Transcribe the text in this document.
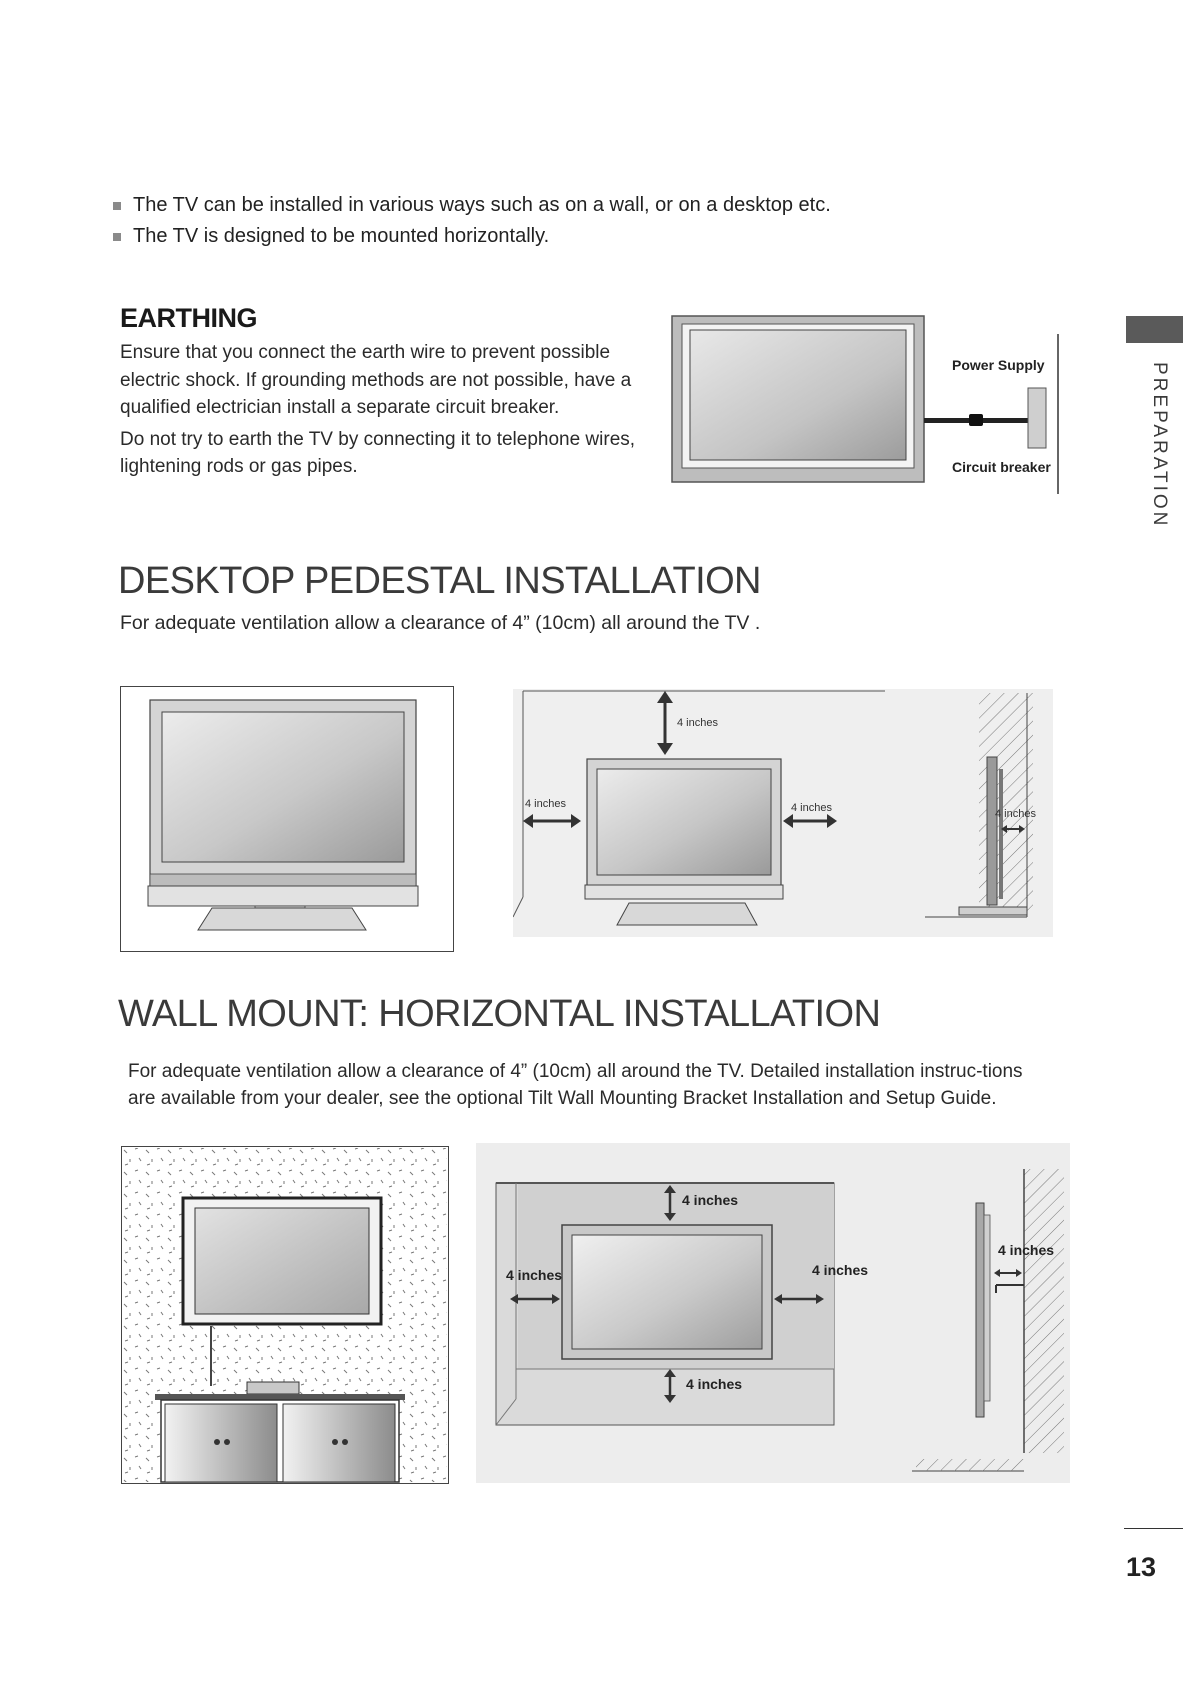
The TV can be installed in various ways such as on a wall, or on a desktop etc.
The TV is designed to be mounted horizontally.
EARTHING

Ensure that you connect the earth wire to prevent possible electric shock. If grounding methods are not possible, have a qualified electrician install a separate circuit breaker.

Do not try to earth the TV by connecting it to telephone wires, lightening rods or gas pipes.

Power Supply
Circuit breaker	PREPARATION
DESKTOP PEDESTAL INSTALLATION
For adequate ventilation allow a clearance of 4” (10cm) all around the TV .
4 inches
4 inches	4 inches	4 inches
WALL MOUNT: HORIZONTAL INSTALLATION
For adequate ventilation allow a clearance of 4” (10cm) all around the TV. Detailed installation instruc-tions are available from your dealer, see the optional Tilt Wall Mounting Bracket Installation and Setup Guide.
4 inches
4 inches	4 inches
4 inches
4 inches
13
